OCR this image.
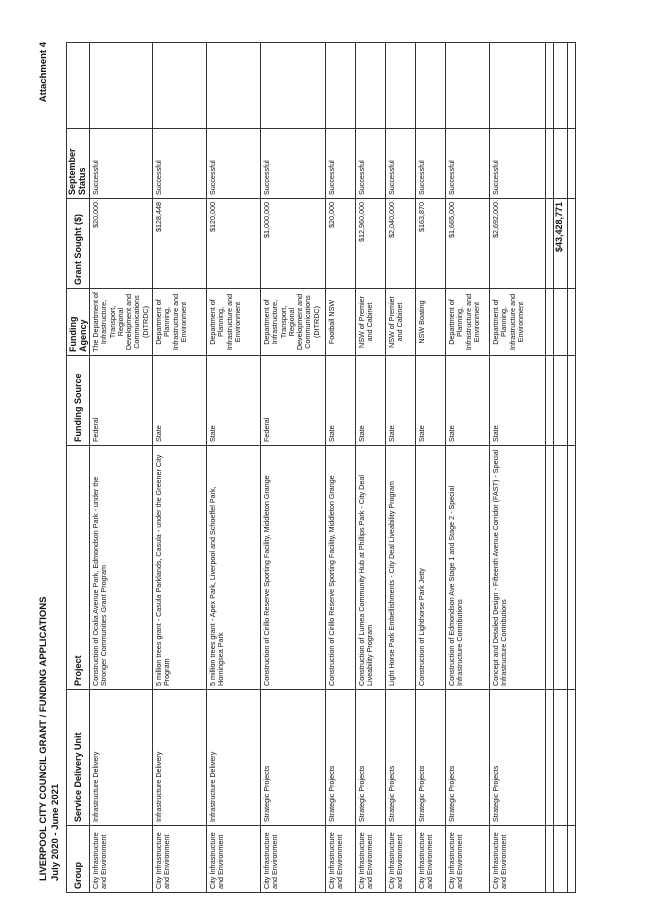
LIVERPOOL CITY COUNCIL GRANT / FUNDING APPLICATIONS July 2020 - June 2021
Attachment 4
Group	Service Delivery Unit	Project	Funding Source	Funding Agency	Grant Sought ($)	September
Status	
City Infrastructure and Environment	Infrastructure Delivery	Construction of Ocalia Avenue Park, Edmondson Park - under the Stronger Communities Grant Program	Federal	The Department of Infrastructure, Transport, Regional Development and Communications (DITRDC)	$20,000	Successful	
City Infrastructure and Environment	Infrastructure Delivery	5 million trees grant - Casula Parklands, Casula - under the Greener City Program	State	Department of Planning, Infrastructure and Environment	$128,448	Successful	
City Infrastructure and Environment	Infrastructure Delivery	5 million trees grant - Apex Park, Liverpool and Schoeffel Park, Horningsea Park	State	Department of Planning, Infrastructure and Environment	$120,000	Successful	
City Infrastructure and Environment	Strategic Projects	Construction of Cirillo Reserve Sporting Facility, Middleton Grange	Federal	Department of Infrastructure, Transport, Regional Development and Communications (DITRDC)	$1,000,000	Successful	
City Infrastructure and Environment	Strategic Projects	Construction of Cirillo Reserve Sporting Facility, Middleton Grange	State	Football NSW	$20,000	Successful	
City Infrastructure and Environment	Strategic Projects	Construction of Lumea Community Hub at Phillips Park - City Deal Liveability Program	State	NSW of Premier and Cabinet	$12,960,000	Successful	
City Infrastructure and Environment	Strategic Projects	Light Horse Park Embellishments - City Deal Liveability Program	State	NSW of Premier and Cabinet	$2,040,000	Successful	
City Infrastructure and Environment	Strategic Projects	Construction of Lighthorse Park Jetty	State	NSW Boating	$163,870	Successful	
City Infrastructure and Environment	Strategic Projects	Construction of Edmondson Ave Stage 1 and Stage 2 - Special Infrastructure Contributions	State	Department of Planning, Infrastructure and Environment	$1,665,000	Successful	
City Infrastructure and Environment	Strategic Projects	Concept and Detailed Design - Fifteenth Avenue Corridor (FAST) - Special Infrastructure Contributions	State	Department of Planning, Infrastructure and Environment	$2,692,000	Successful	

					$43,428,771		
